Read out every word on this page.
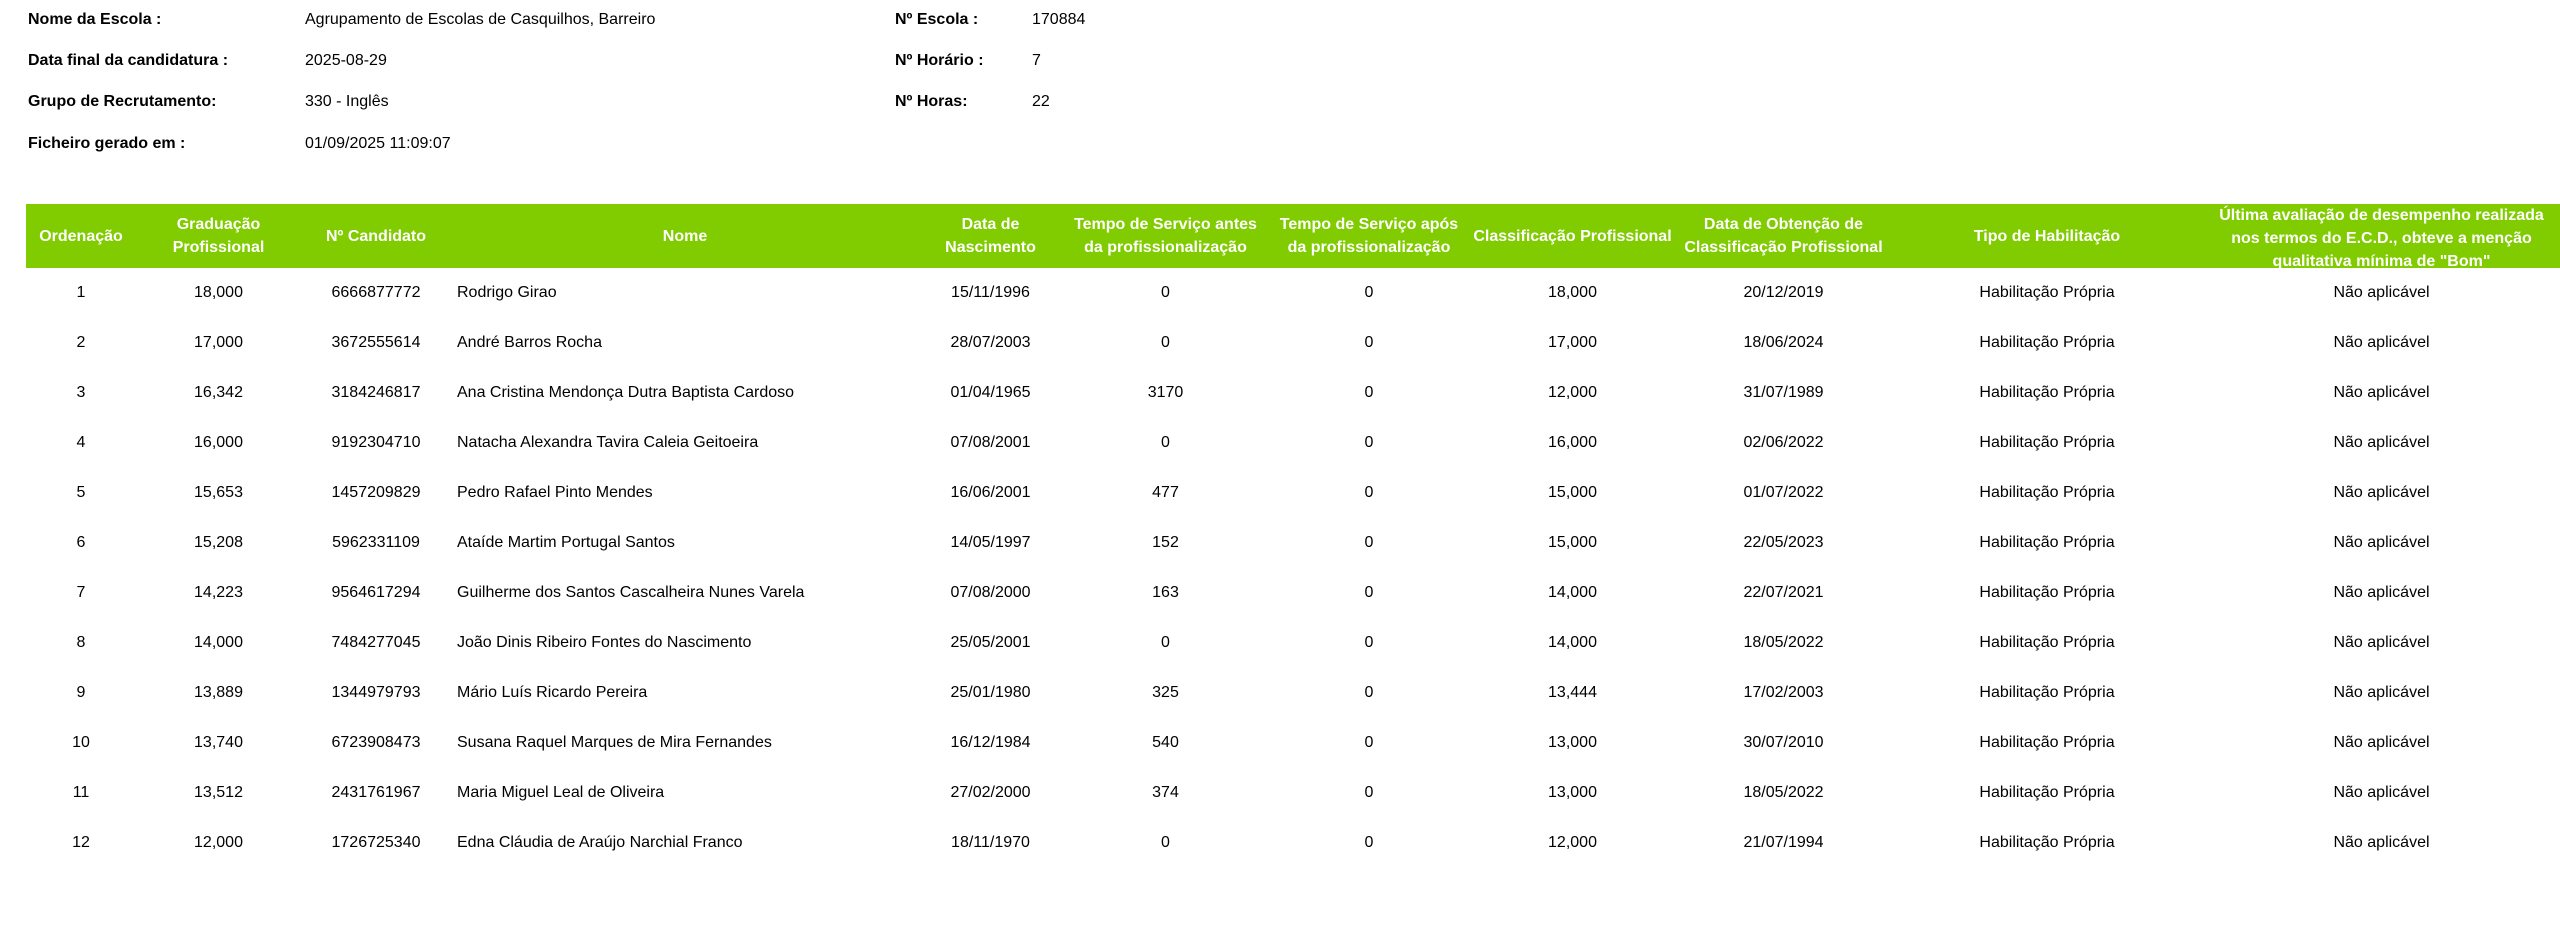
Nome da Escola :	Agrupamento de Escolas de Casquilhos, Barreiro
Data final da candidatura :	2025-08-29
Grupo de Recrutamento:	330 - Inglês
Ficheiro gerado em :	01/09/2025 11:09:07
Nº Escola :	170884
Nº Horário :	7
Nº Horas:	22
Ordenação	Graduação Profissional	Nº Candidato	Nome	Data de Nascimento	Tempo de Serviço antes da profissionalização	Tempo de Serviço após da profissionalização	Classificação Profissional	Data de Obtenção de Classificação Profissional	Tipo de Habilitação	Última avaliação de desempenho realizada nos termos do E.C.D., obteve a menção qualitativa mínima de "Bom"

1	18,000	6666877772	Rodrigo Girao	15/11/1996	0	0	18,000	20/12/2019	Habilitação Própria	Não aplicável
2	17,000	3672555614	André Barros Rocha	28/07/2003	0	0	17,000	18/06/2024	Habilitação Própria	Não aplicável
3	16,342	3184246817	Ana Cristina Mendonça Dutra Baptista Cardoso	01/04/1965	3170	0	12,000	31/07/1989	Habilitação Própria	Não aplicável
4	16,000	9192304710	Natacha Alexandra Tavira Caleia Geitoeira	07/08/2001	0	0	16,000	02/06/2022	Habilitação Própria	Não aplicável
5	15,653	1457209829	Pedro Rafael Pinto Mendes	16/06/2001	477	0	15,000	01/07/2022	Habilitação Própria	Não aplicável
6	15,208	5962331109	Ataíde Martim Portugal Santos	14/05/1997	152	0	15,000	22/05/2023	Habilitação Própria	Não aplicável
7	14,223	9564617294	Guilherme dos Santos Cascalheira Nunes Varela	07/08/2000	163	0	14,000	22/07/2021	Habilitação Própria	Não aplicável
8	14,000	7484277045	João Dinis Ribeiro Fontes do Nascimento	25/05/2001	0	0	14,000	18/05/2022	Habilitação Própria	Não aplicável
9	13,889	1344979793	Mário Luís Ricardo Pereira	25/01/1980	325	0	13,444	17/02/2003	Habilitação Própria	Não aplicável
10	13,740	6723908473	Susana Raquel Marques de Mira Fernandes	16/12/1984	540	0	13,000	30/07/2010	Habilitação Própria	Não aplicável
11	13,512	2431761967	Maria Miguel Leal de Oliveira	27/02/2000	374	0	13,000	18/05/2022	Habilitação Própria	Não aplicável
12	12,000	1726725340	Edna Cláudia de Araújo Narchial Franco	18/11/1970	0	0	12,000	21/07/1994	Habilitação Própria	Não aplicável
